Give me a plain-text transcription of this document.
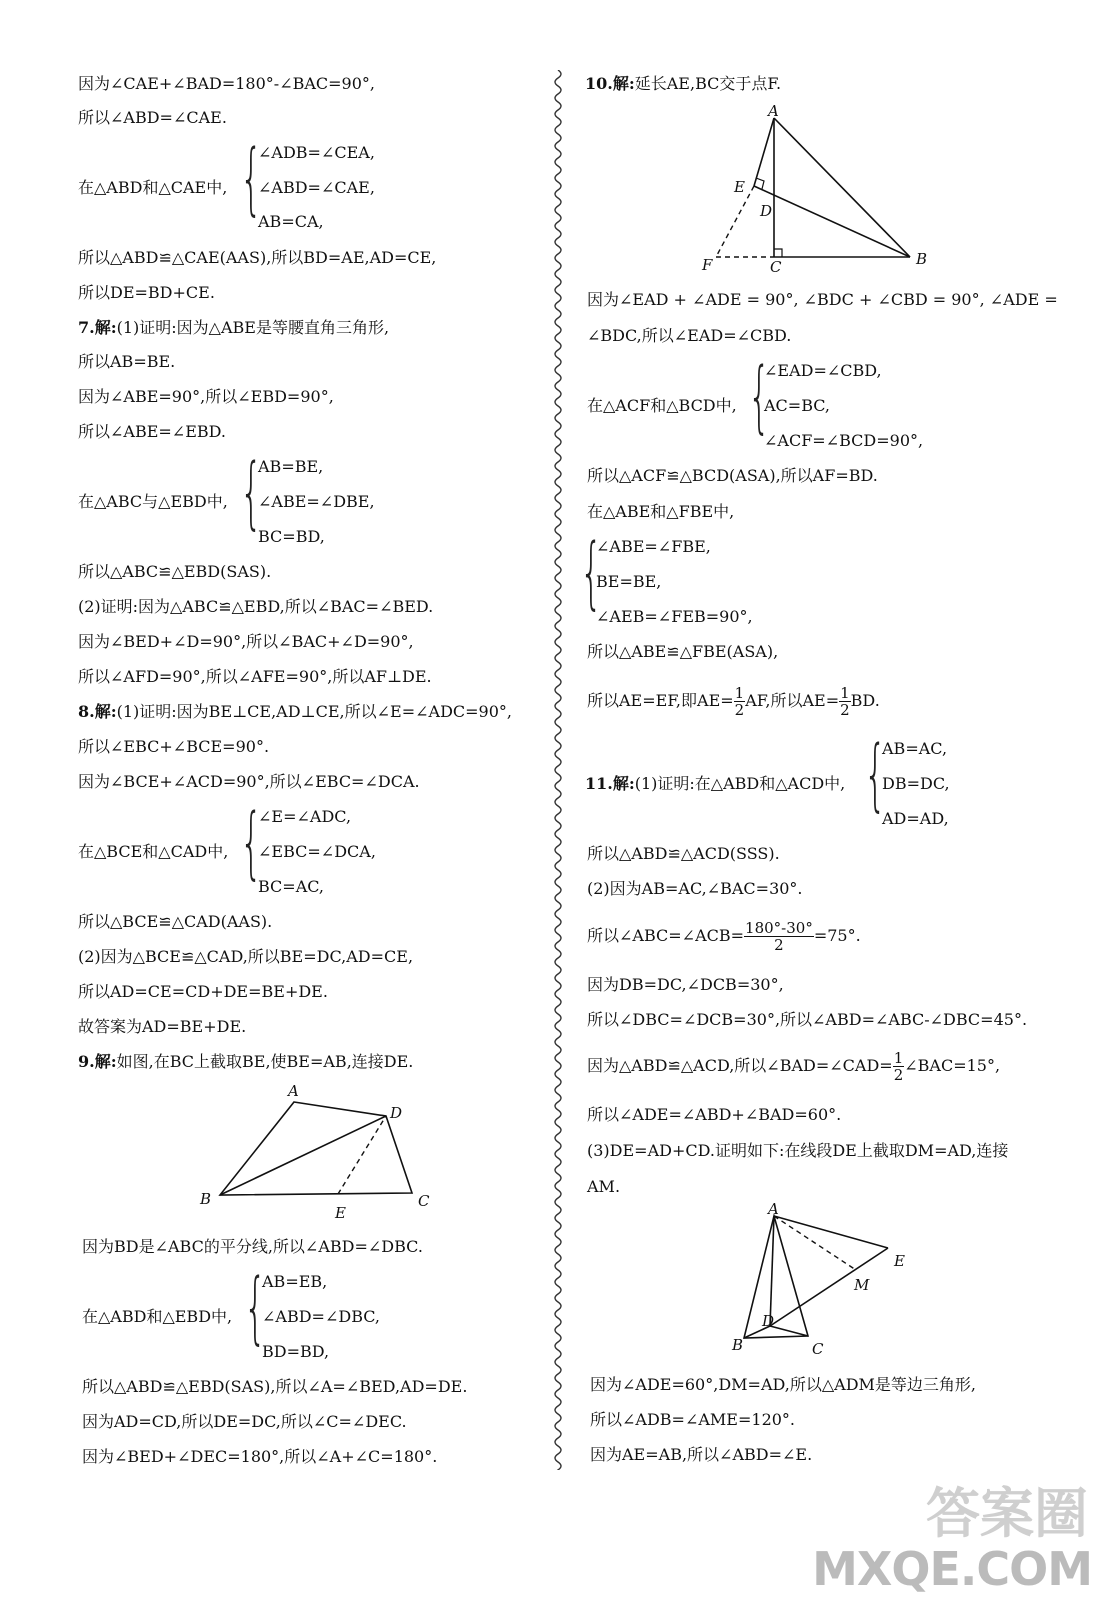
因为∠CAE+∠BAD=180°-∠BAC=90°,
所以∠ABD=∠CAE.
在△ABD和△CAE中, {
∠ADB=∠CEA,
∠ABD=∠CAE,
AB=CA,
所以△ABD≌△CAE(AAS),所以BD=AE,AD=CE,
所以DE=BD+CE.
7.解:(1)证明:因为△ABE是等腰直角三角形,
所以AB=BE.
因为∠ABE=90°,所以∠EBD=90°,
所以∠ABE=∠EBD.
在△ABC与△EBD中, {
AB=BE,
∠ABE=∠DBE,
BC=BD,
所以△ABC≌△EBD(SAS).
(2)证明:因为△ABC≌△EBD,所以∠BAC=∠BED.
因为∠BED+∠D=90°,所以∠BAC+∠D=90°,
所以∠AFD=90°,所以∠AFE=90°,所以AF⊥DE.
8.解:(1)证明:因为BE⊥CE,AD⊥CE,所以∠E=∠ADC=90°,
所以∠EBC+∠BCE=90°.
因为∠BCE+∠ACD=90°,所以∠EBC=∠DCA.
在△BCE和△CAD中, {
∠E=∠ADC,
∠EBC=∠DCA,
BC=AC,
所以△BCE≌△CAD(AAS).
(2)因为△BCE≌△CAD,所以BE=DC,AD=CE,
所以AD=CE=CD+DE=BE+DE.
故答案为AD=BE+DE.
9.解:如图,在BC上截取BE,使BE=AB,连接DE.
A
D
B	C
E
因为BD是∠ABC的平分线,所以∠ABD=∠DBC.
在△ABD和△EBD中, {
AB=EB,
∠ABD=∠DBC,
BD=BD,
所以△ABD≌△EBD(SAS),所以∠A=∠BED,AD=DE.
因为AD=CD,所以DE=DC,所以∠C=∠DEC.
因为∠BED+∠DEC=180°,所以∠A+∠C=180°.
10.解:延长AE,BC交于点F.
A
E
D
F	C	B
因为∠EAD + ∠ADE = 90°, ∠BDC + ∠CBD = 90°, ∠ADE =
∠BDC,所以∠EAD=∠CBD.
在△ACF和△BCD中, {
∠EAD=∠CBD,
AC=BC,
∠ACF=∠BCD=90°,
所以△ACF≌△BCD(ASA),所以AF=BD.
在△ABE和△FBE中,
{
∠ABE=∠FBE,
BE=BE,
∠AEB=∠FEB=90°,
所以△ABE≌△FBE(ASA),
所以AE=EF,即$AE= \frac{1}{2}$ AF,所以$AE= \frac{1}{2}$ BD.
11.解:(1)证明:在△ABD和△ACD中, {
AB=AC,
DB=DC,
AD=AD,
所以△ABD≌△ACD(SSS).
(2)因为AB=AC,∠BAC=30°.
所以∠ABC=∠ACB= $\frac{180^\circ-30^\circ}{2} =75^\circ$.
因为DB=DC,∠DCB=30°,
所以∠DBC=∠DCB=30°,所以∠ABD=∠ABC-∠DBC=45°.
因为△ABD≌△ACD,所以∠BAD=∠CAD= $\frac{1}{2}$ ∠BAC=15°,
所以∠ADE=∠ABD+∠BAD=60°.
(3)DE=AD+CD.证明如下:在线段DE上截取DM=AD,连接
AM.
A
E
M
D
B	C
因为∠ADE=60°,DM=AD,所以△ADM是等边三角形,
所以∠ADB=∠AME=120°.
因为AE=AB,所以∠ABD=∠E.
答案圈
MXQE.COM
